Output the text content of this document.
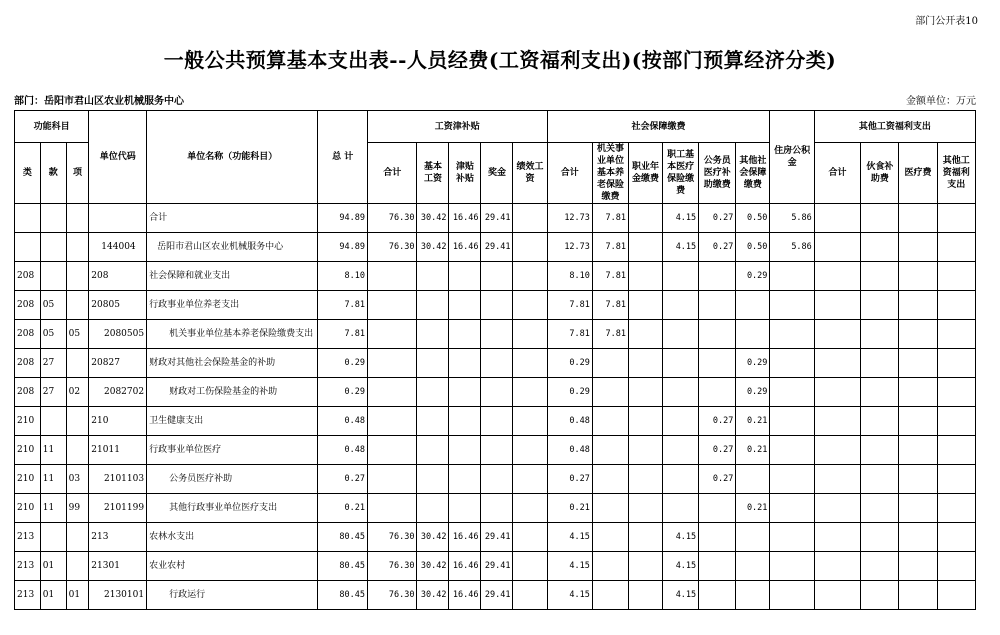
部门公开表10
一般公共预算基本支出表--人员经费(工资福利支出)(按部门预算经济分类)
部门：岳阳市君山区农业机械服务中心	金额单位：万元
功能科目			单位代码	单位名称（功能科目）	总 计	工资津补贴					社会保障缴费						住房公积金	其他工资福利支出			
类	款	项				合计	基本工资	津贴补贴	奖金	绩效工资	合计	机关事业单位基本养老保险缴费	职业年金缴费	职工基本医疗保险缴费	公务员医疗补助缴费	其他社会保障缴费		合计	伙食补助费	医疗费	其他工资福利支出
				合计	94.89	76.30	30.42	16.46	29.41		12.73	7.81		4.15	0.27	0.50	5.86				
			144004	岳阳市君山区农业机械服务中心	94.89	76.30	30.42	16.46	29.41		12.73	7.81		4.15	0.27	0.50	5.86				
208			208	社会保障和就业支出	8.10						8.10	7.81				0.29					
208	05		20805	行政事业单位养老支出	7.81						7.81	7.81									
208	05	05	2080505	机关事业单位基本养老保险缴费支出	7.81						7.81	7.81									
208	27		20827	财政对其他社会保险基金的补助	0.29						0.29					0.29					
208	27	02	2082702	财政对工伤保险基金的补助	0.29						0.29					0.29					
210			210	卫生健康支出	0.48						0.48				0.27	0.21					
210	11		21011	行政事业单位医疗	0.48						0.48				0.27	0.21					
210	11	03	2101103	公务员医疗补助	0.27						0.27				0.27						
210	11	99	2101199	其他行政事业单位医疗支出	0.21						0.21					0.21					
213			213	农林水支出	80.45	76.30	30.42	16.46	29.41		4.15			4.15							
213	01		21301	农业农村	80.45	76.30	30.42	16.46	29.41		4.15			4.15							
213	01	01	2130101	行政运行	80.45	76.30	30.42	16.46	29.41		4.15			4.15							
